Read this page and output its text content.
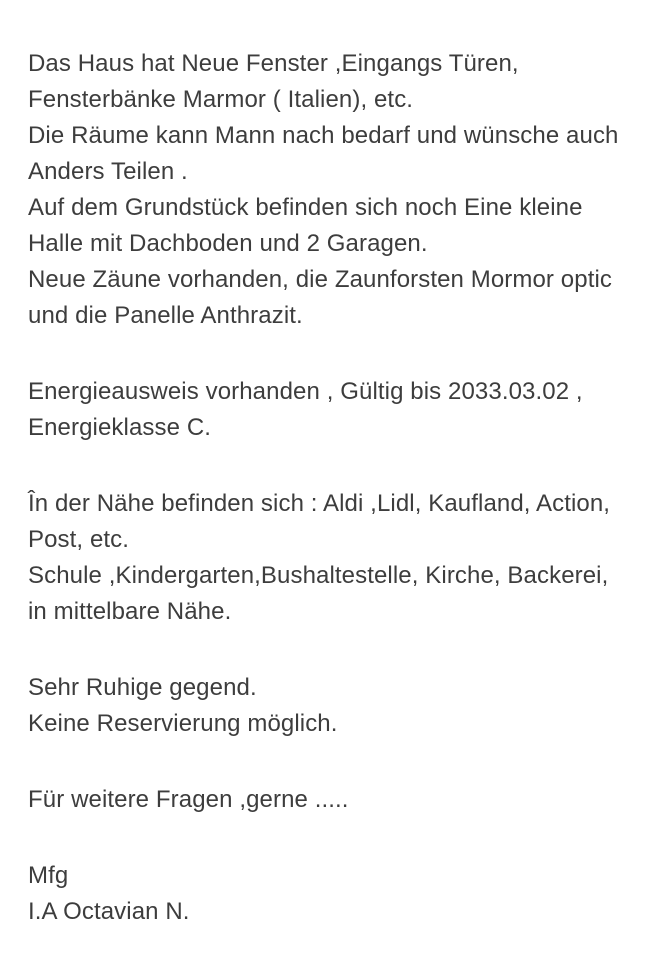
Das Haus hat Neue Fenster ,Eingangs Türen,
Fensterbänke Marmor ( Italien), etc.
Die Räume kann Mann nach bedarf und wünsche auch
Anders Teilen .
Auf dem Grundstück befinden sich noch Eine kleine
Halle mit Dachboden und 2 Garagen.
Neue Zäune vorhanden, die Zaunforsten Mormor optic
und die Panelle Anthrazit.

Energieausweis vorhanden , Gültig bis 2033.03.02 ,
Energieklasse C.

În der Nähe befinden sich : Aldi ,Lidl, Kaufland, Action,
Post, etc.
Schule ,Kindergarten,Bushaltestelle, Kirche, Backerei,
in mittelbare Nähe.

Sehr Ruhige gegend.
Keine Reservierung möglich.

Für weitere Fragen ,gerne .....

Mfg
I.A Octavian N.
